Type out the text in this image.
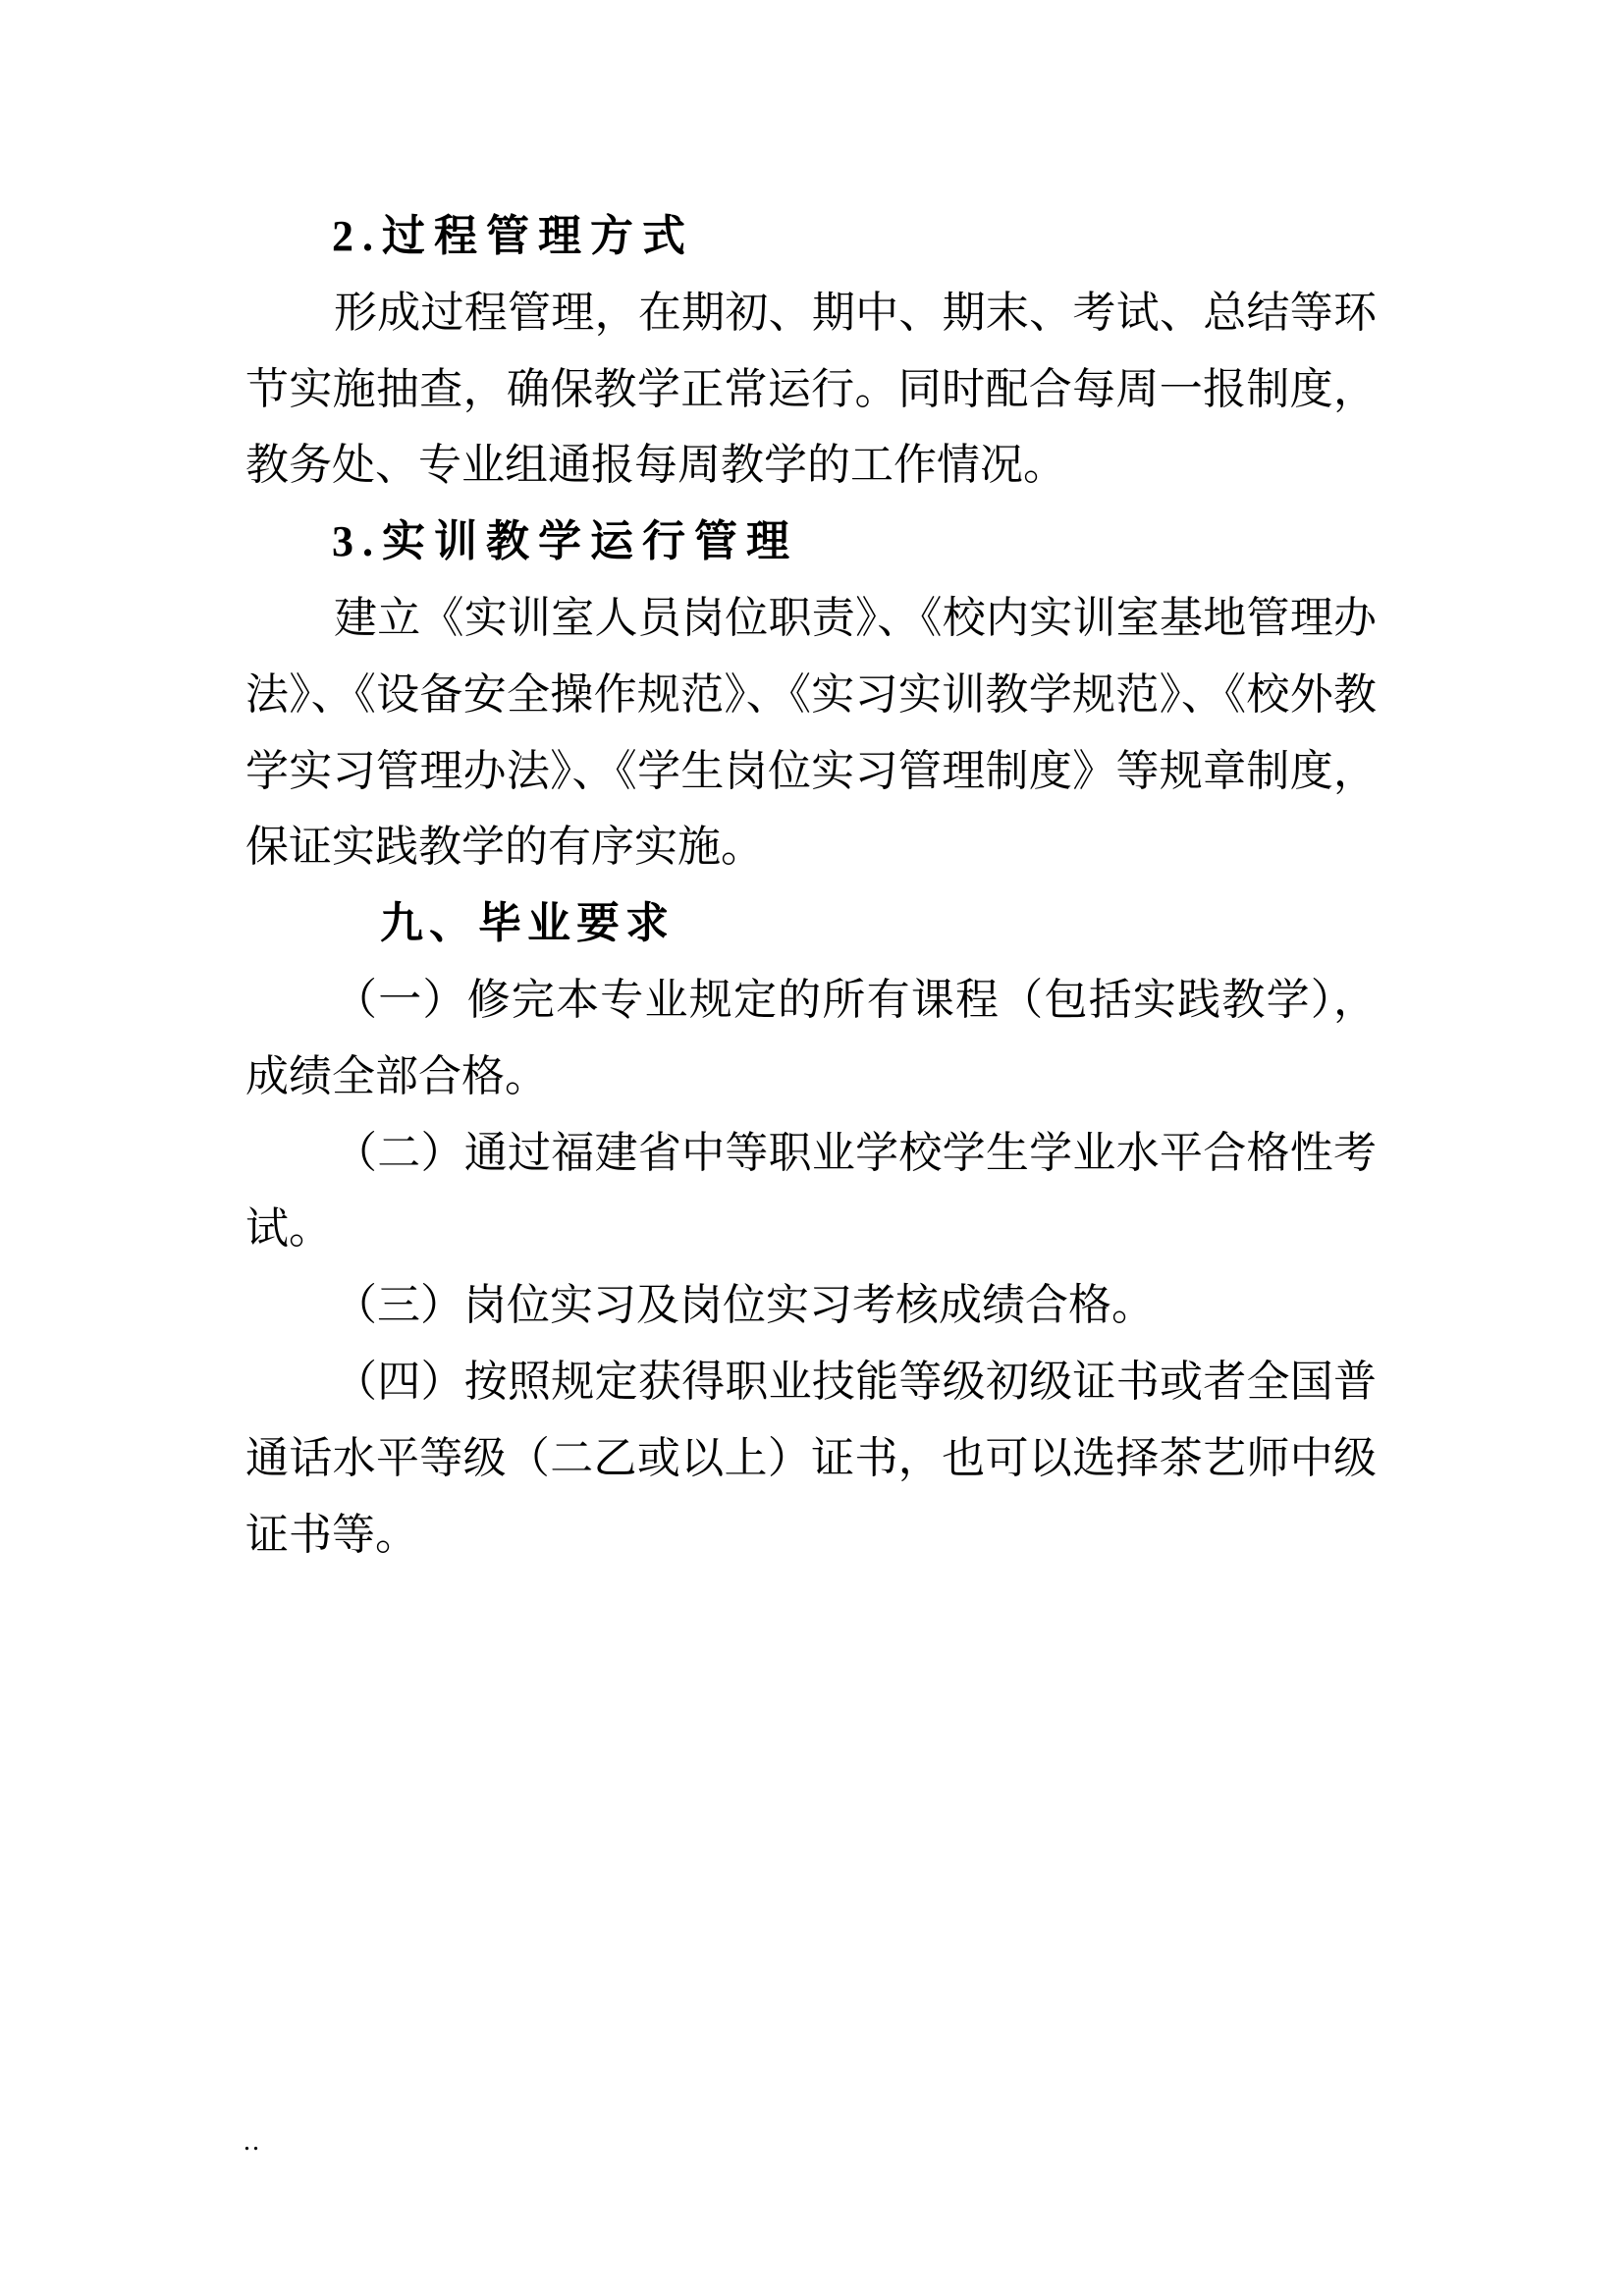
2.过程管理方式

形成过程管理，在期初、期中、期末、考试、总结等环节实施抽查，确保教学正常运行。同时配合每周一报制度，教务处、专业组通报每周教学的工作情况。

3.实训教学运行管理

建立《实训室人员岗位职责》、《校内实训室基地管理办法》、《设备安全操作规范》、《实习实训教学规范》、《校外教学实习管理办法》、《学生岗位实习管理制度》等规章制度，保证实践教学的有序实施。

九、毕业要求

（一）修完本专业规定的所有课程（包括实践教学），成绩全部合格。

（二）通过福建省中等职业学校学生学业水平合格性考试。

（三）岗位实习及岗位实习考核成绩合格。

（四）按照规定获得职业技能等级初级证书或者全国普通话水平等级（二乙或以上）证书，也可以选择茶艺师中级证书等。

..
